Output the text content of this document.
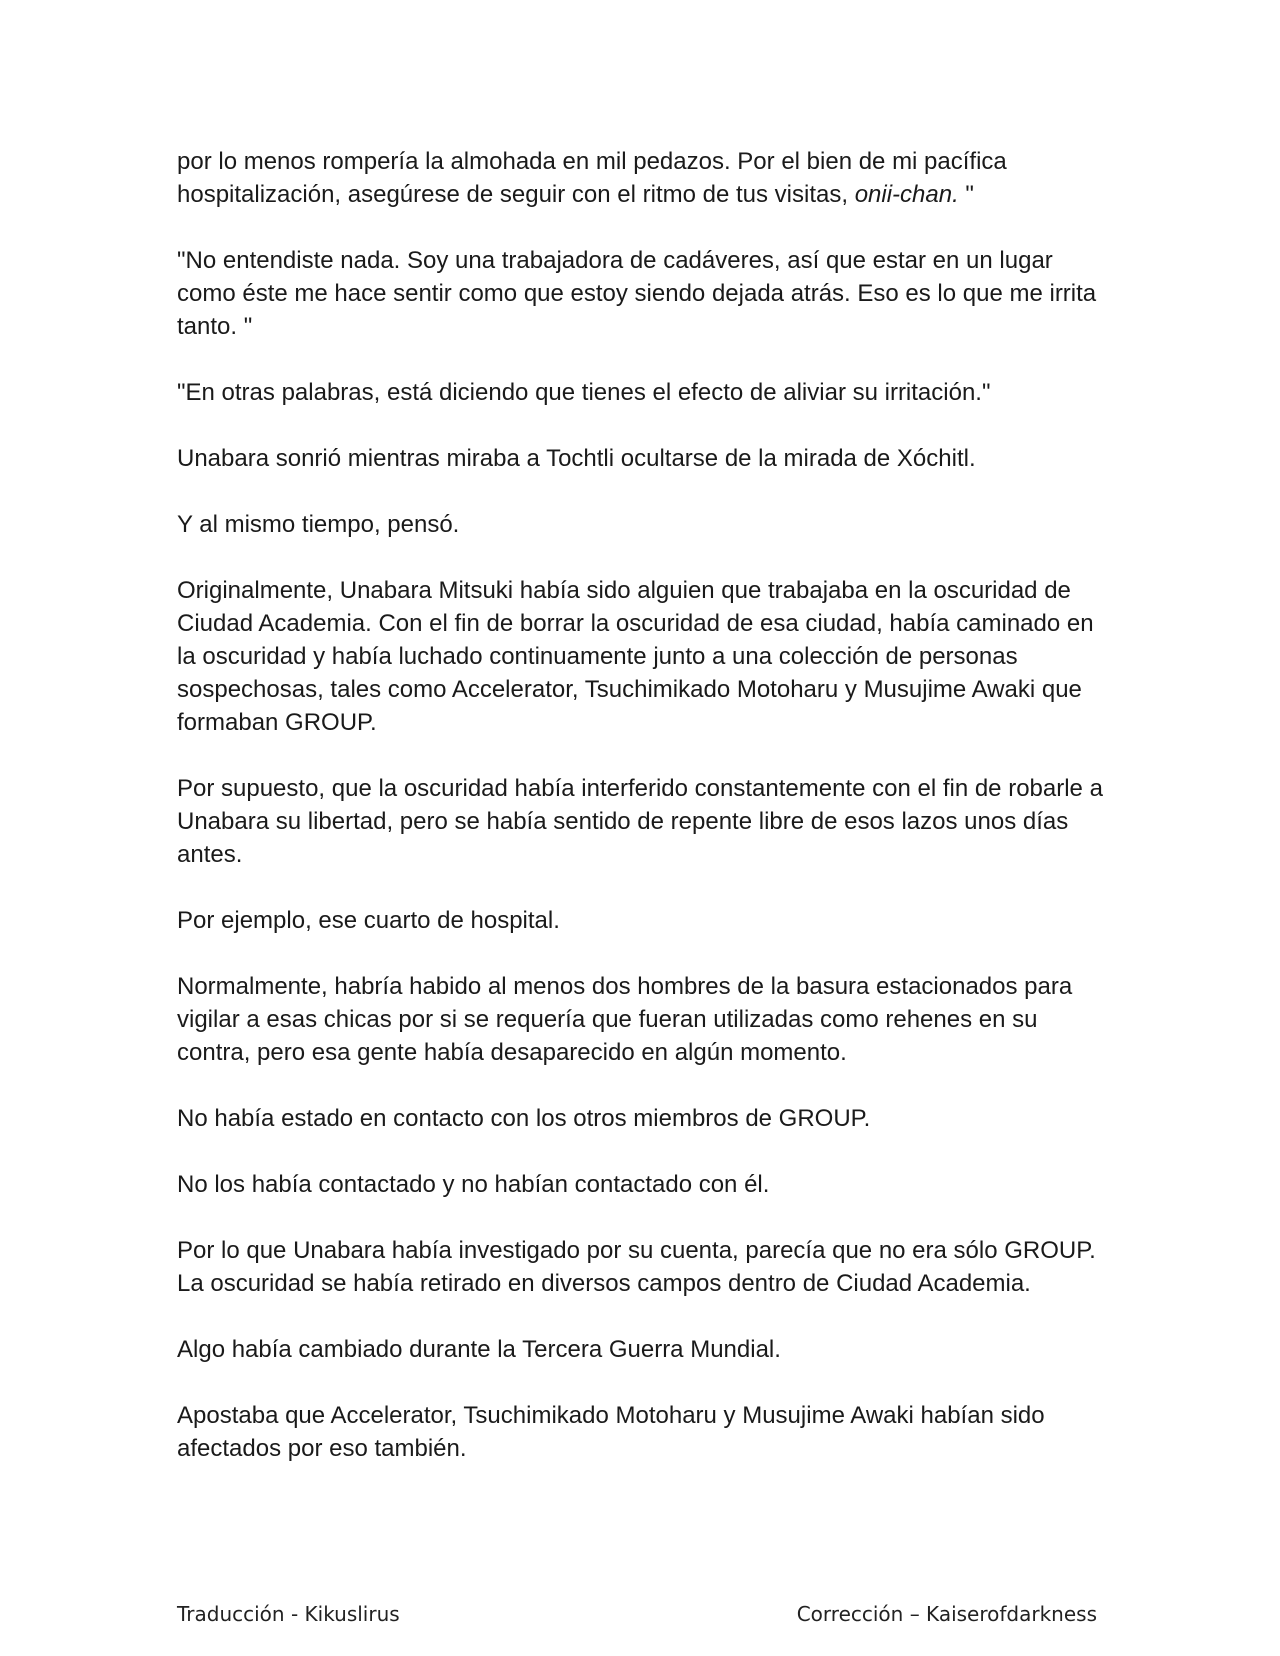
por lo menos rompería la almohada en mil pedazos. Por el bien de mi pacífica hospitalización, asegúrese de seguir con el ritmo de tus visitas, onii-chan. "

"No entendiste nada. Soy una trabajadora de cadáveres, así que estar en un lugar como éste me hace sentir como que estoy siendo dejada atrás. Eso es lo que me irrita tanto. "

"En otras palabras, está diciendo que tienes el efecto de aliviar su irritación."

Unabara sonrió mientras miraba a Tochtli ocultarse de la mirada de Xóchitl.

Y al mismo tiempo, pensó.

Originalmente, Unabara Mitsuki había sido alguien que trabajaba en la oscuridad de Ciudad Academia. Con el fin de borrar la oscuridad de esa ciudad, había caminado en la oscuridad y había luchado continuamente junto a una colección de personas sospechosas, tales como Accelerator, Tsuchimikado Motoharu y Musujime Awaki que formaban GROUP.

Por supuesto, que la oscuridad había interferido constantemente con el fin de robarle a Unabara su libertad, pero se había sentido de repente libre de esos lazos unos días antes.

Por ejemplo, ese cuarto de hospital.

Normalmente, habría habido al menos dos hombres de la basura estacionados para vigilar a esas chicas por si se requería que fueran utilizadas como rehenes en su contra, pero esa gente había desaparecido en algún momento.

No había estado en contacto con los otros miembros de GROUP.

No los había contactado y no habían contactado con él.

Por lo que Unabara había investigado por su cuenta, parecía que no era sólo GROUP. La oscuridad se había retirado en diversos campos dentro de Ciudad Academia.

Algo había cambiado durante la Tercera Guerra Mundial.

Apostaba que Accelerator, Tsuchimikado Motoharu y Musujime Awaki habían sido afectados por eso también.

Traducción - Kikuslirus	Corrección – Kaiserofdarkness
